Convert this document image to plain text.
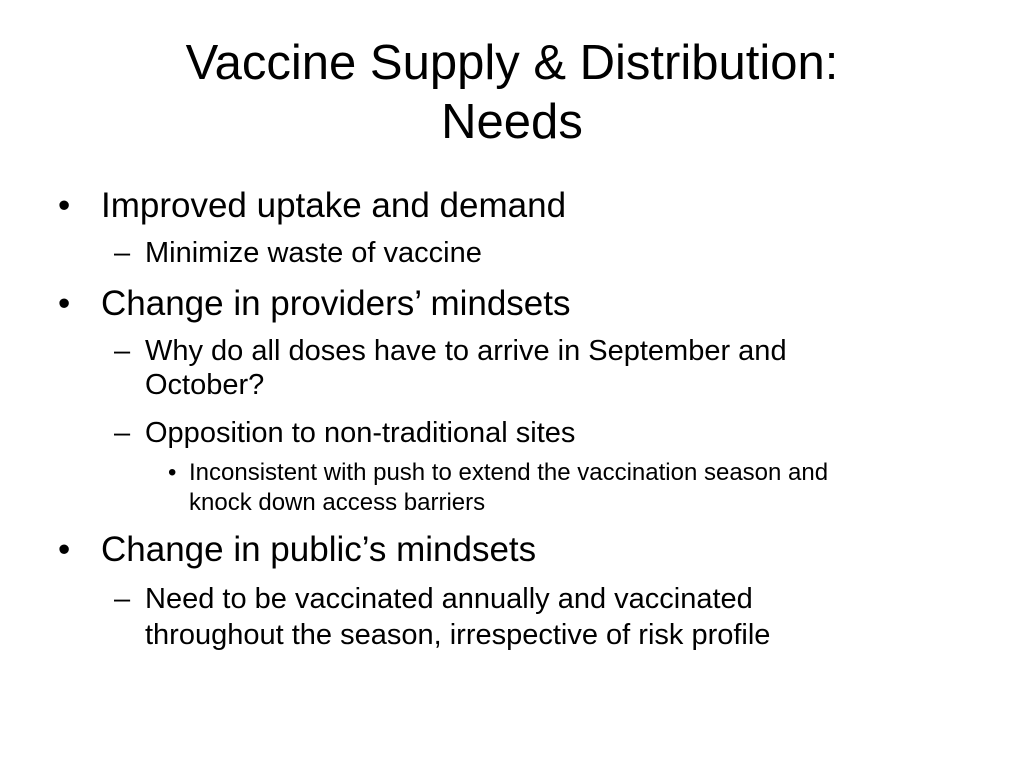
Vaccine Supply & Distribution:
Needs
• Improved uptake and demand
– Minimize waste of vaccine
• Change in providers’ mindsets
– Why do all doses have to arrive in September and
October?
– Opposition to non-traditional sites
• Inconsistent with push to extend the vaccination season and
knock down access barriers
• Change in public’s mindsets
– Need to be vaccinated annually and vaccinated
throughout the season, irrespective of risk profile
